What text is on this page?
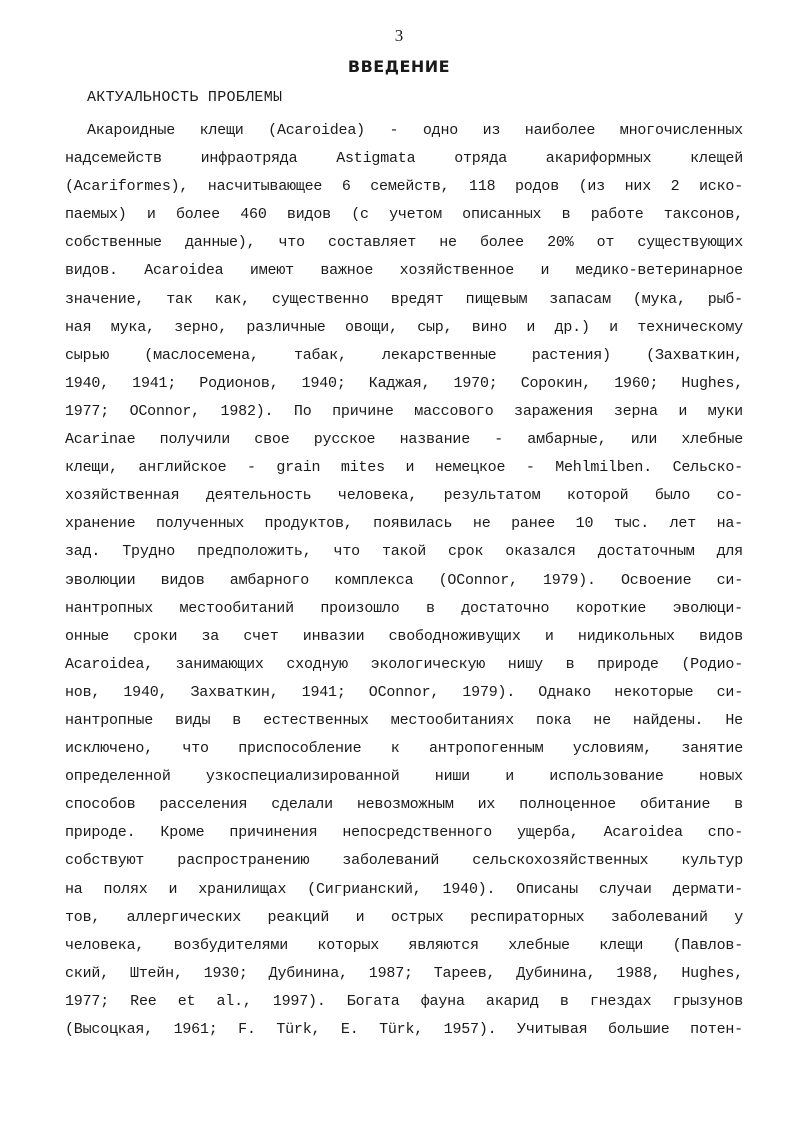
3
ВВЕДЕНИЕ
АКТУАЛЬНОСТЬ ПРОБЛЕМЫ
Акароидные клещи (Acaroidea) - одно из наиболее многочисленных
надсемейств инфраотряда Astigmata отряда акариформных клещей
(Acariformes), насчитывающее 6 семейств, 118 родов (из них 2 иско-
паемых) и более 460 видов (с учетом описанных в работе таксонов,
собственные данные), что составляет не более 20% от существующих
видов. Acaroidea имеют важное хозяйственное и медико-ветеринарное
значение, так как, существенно вредят пищевым запасам (мука, рыб-
ная мука, зерно, различные овощи, сыр, вино и др.) и техническому
сырью (маслосемена, табак, лекарственные растения) (Захваткин,
1940, 1941; Родионов, 1940; Каджая, 1970; Сорокин, 1960; Hughes,
1977; OConnor, 1982). По причине массового заражения зерна и муки
Acarinae получили свое русское название - амбарные, или хлебные
клещи, английское - grain mites и немецкое - Mehlmilben. Сельско-
хозяйственная деятельность человека, результатом которой было со-
хранение полученных продуктов, появилась не ранее 10 тыс. лет на-
зад. Трудно предположить, что такой срок оказался достаточным для
эволюции видов амбарного комплекса (OConnor, 1979). Освоение си-
нантропных местообитаний произошло в достаточно короткие эволюци-
онные сроки за счет инвазии свободноживущих и нидикольных видов
Acaroidea, занимающих сходную экологическую нишу в природе (Родио-
нов, 1940, Захваткин, 1941; OConnor, 1979). Однако некоторые си-
нантропные виды в естественных местообитаниях пока не найдены. Не
исключено, что приспособление к антропогенным условиям, занятие
определенной узкоспециализированной ниши и использование новых
способов расселения сделали невозможным их полноценное обитание в
природе. Кроме причинения непосредственного ущерба, Acaroidea спо-
собствуют распространению заболеваний сельскохозяйственных культур
на полях и хранилищах (Сигрианский, 1940). Описаны случаи дермати-
тов, аллергических реакций и острых респираторных заболеваний у
человека, возбудителями которых являются хлебные клещи (Павлов-
ский, Штейн, 1930; Дубинина, 1987; Тареев, Дубинина, 1988, Hughes,
1977; Ree et al., 1997). Богата фауна акарид в гнездах грызунов
(Высоцкая, 1961; F. Türk, E. Türk, 1957). Учитывая большие потен-
